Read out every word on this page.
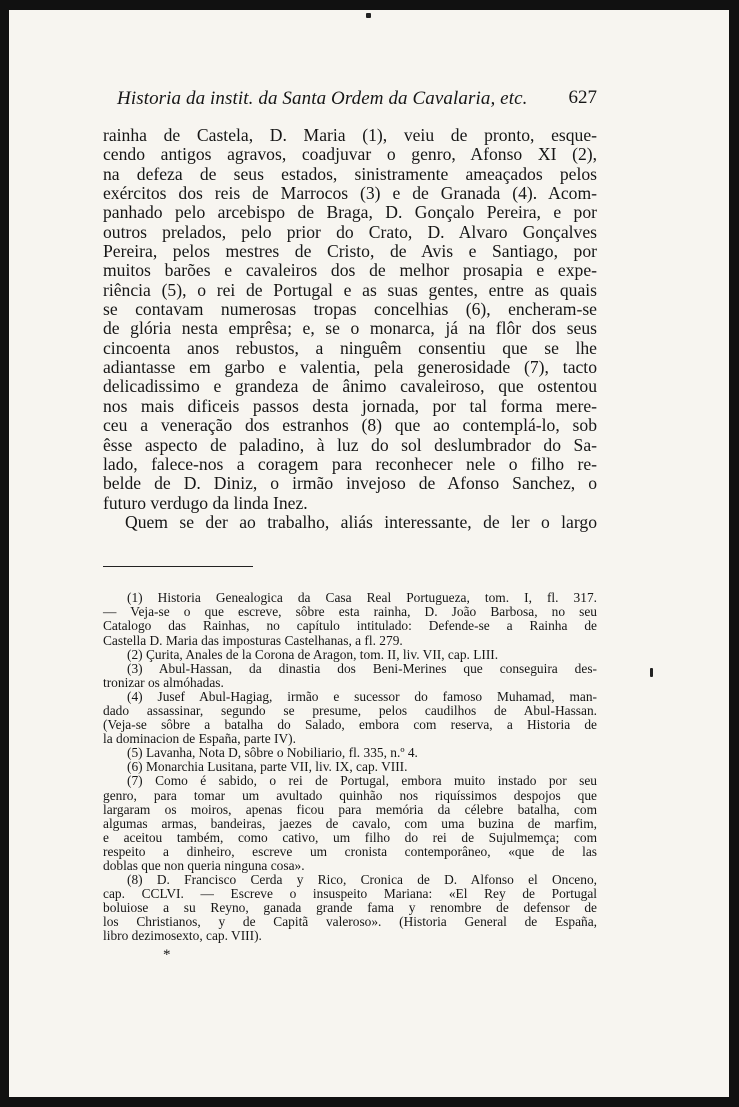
Historia da instit. da Santa Ordem da Cavalaria, etc. 627
rainha de Castela, D. Maria (1), veiu de pronto, esque-
cendo antigos agravos, coadjuvar o genro, Afonso XI (2),
na defeza de seus estados, sinistramente ameaçados pelos
exércitos dos reis de Marrocos (3) e de Granada (4). Acom-
panhado pelo arcebispo de Braga, D. Gonçalo Pereira, e por
outros prelados, pelo prior do Crato, D. Alvaro Gonçalves
Pereira, pelos mestres de Cristo, de Avis e Santiago, por
muitos barões e cavaleiros dos de melhor prosapia e expe-
riência (5), o rei de Portugal e as suas gentes, entre as quais
se contavam numerosas tropas concelhias (6), encheram-se
de glória nesta emprêsa; e, se o monarca, já na flôr dos seus
cincoenta anos rebustos, a ninguêm consentiu que se lhe
adiantasse em garbo e valentia, pela generosidade (7), tacto
delicadissimo e grandeza de ânimo cavaleiroso, que ostentou
nos mais dificeis passos desta jornada, por tal forma mere-
ceu a veneração dos estranhos (8) que ao contemplá-lo, sob
êsse aspecto de paladino, à luz do sol deslumbrador do Sa-
lado, falece-nos a coragem para reconhecer nele o filho re-
belde de D. Diniz, o irmão invejoso de Afonso Sanchez, o
futuro verdugo da linda Inez.
Quem se der ao trabalho, aliás interessante, de ler o largo
(1) Historia Genealogica da Casa Real Portugueza, tom. I, fl. 317.
— Veja-se o que escreve, sôbre esta rainha, D. João Barbosa, no seu
Catalogo das Rainhas, no capítulo intitulado: Defende-se a Rainha de
Castella D. Maria das imposturas Castelhanas, a fl. 279.
(2) Çurita, Anales de la Corona de Aragon, tom. II, liv. VII, cap. LIII.
(3) Abul-Hassan, da dinastia dos Beni-Merines que conseguira des-
tronizar os almóhadas.
(4) Jusef Abul-Hagiag, irmão e sucessor do famoso Muhamad, man-
dado assassinar, segundo se presume, pelos caudilhos de Abul-Hassan.
(Veja-se sôbre a batalha do Salado, embora com reserva, a Historia de
la dominacion de España, parte IV).
(5) Lavanha, Nota D, sôbre o Nobiliario, fl. 335, n.º 4.
(6) Monarchia Lusitana, parte VII, liv. IX, cap. VIII.
(7) Como é sabido, o rei de Portugal, embora muito instado por seu
genro, para tomar um avultado quinhão nos riquíssimos despojos que
largaram os moiros, apenas ficou para memória da célebre batalha, com
algumas armas, bandeiras, jaezes de cavalo, com uma buzina de marfim,
e aceitou também, como cativo, um filho do rei de Sujulmemça; com
respeito a dinheiro, escreve um cronista contemporâneo, «que de las
doblas que non queria ninguna cosa».
(8) D. Francisco Cerda y Rico, Cronica de D. Alfonso el Onceno,
cap. CCLVI. — Escreve o insuspeito Mariana: «El Rey de Portugal
boluiose a su Reyno, ganada grande fama y renombre de defensor de
los Christianos, y de Capitã valeroso». (Historia General de España,
libro dezimosexto, cap. VIII).
*
